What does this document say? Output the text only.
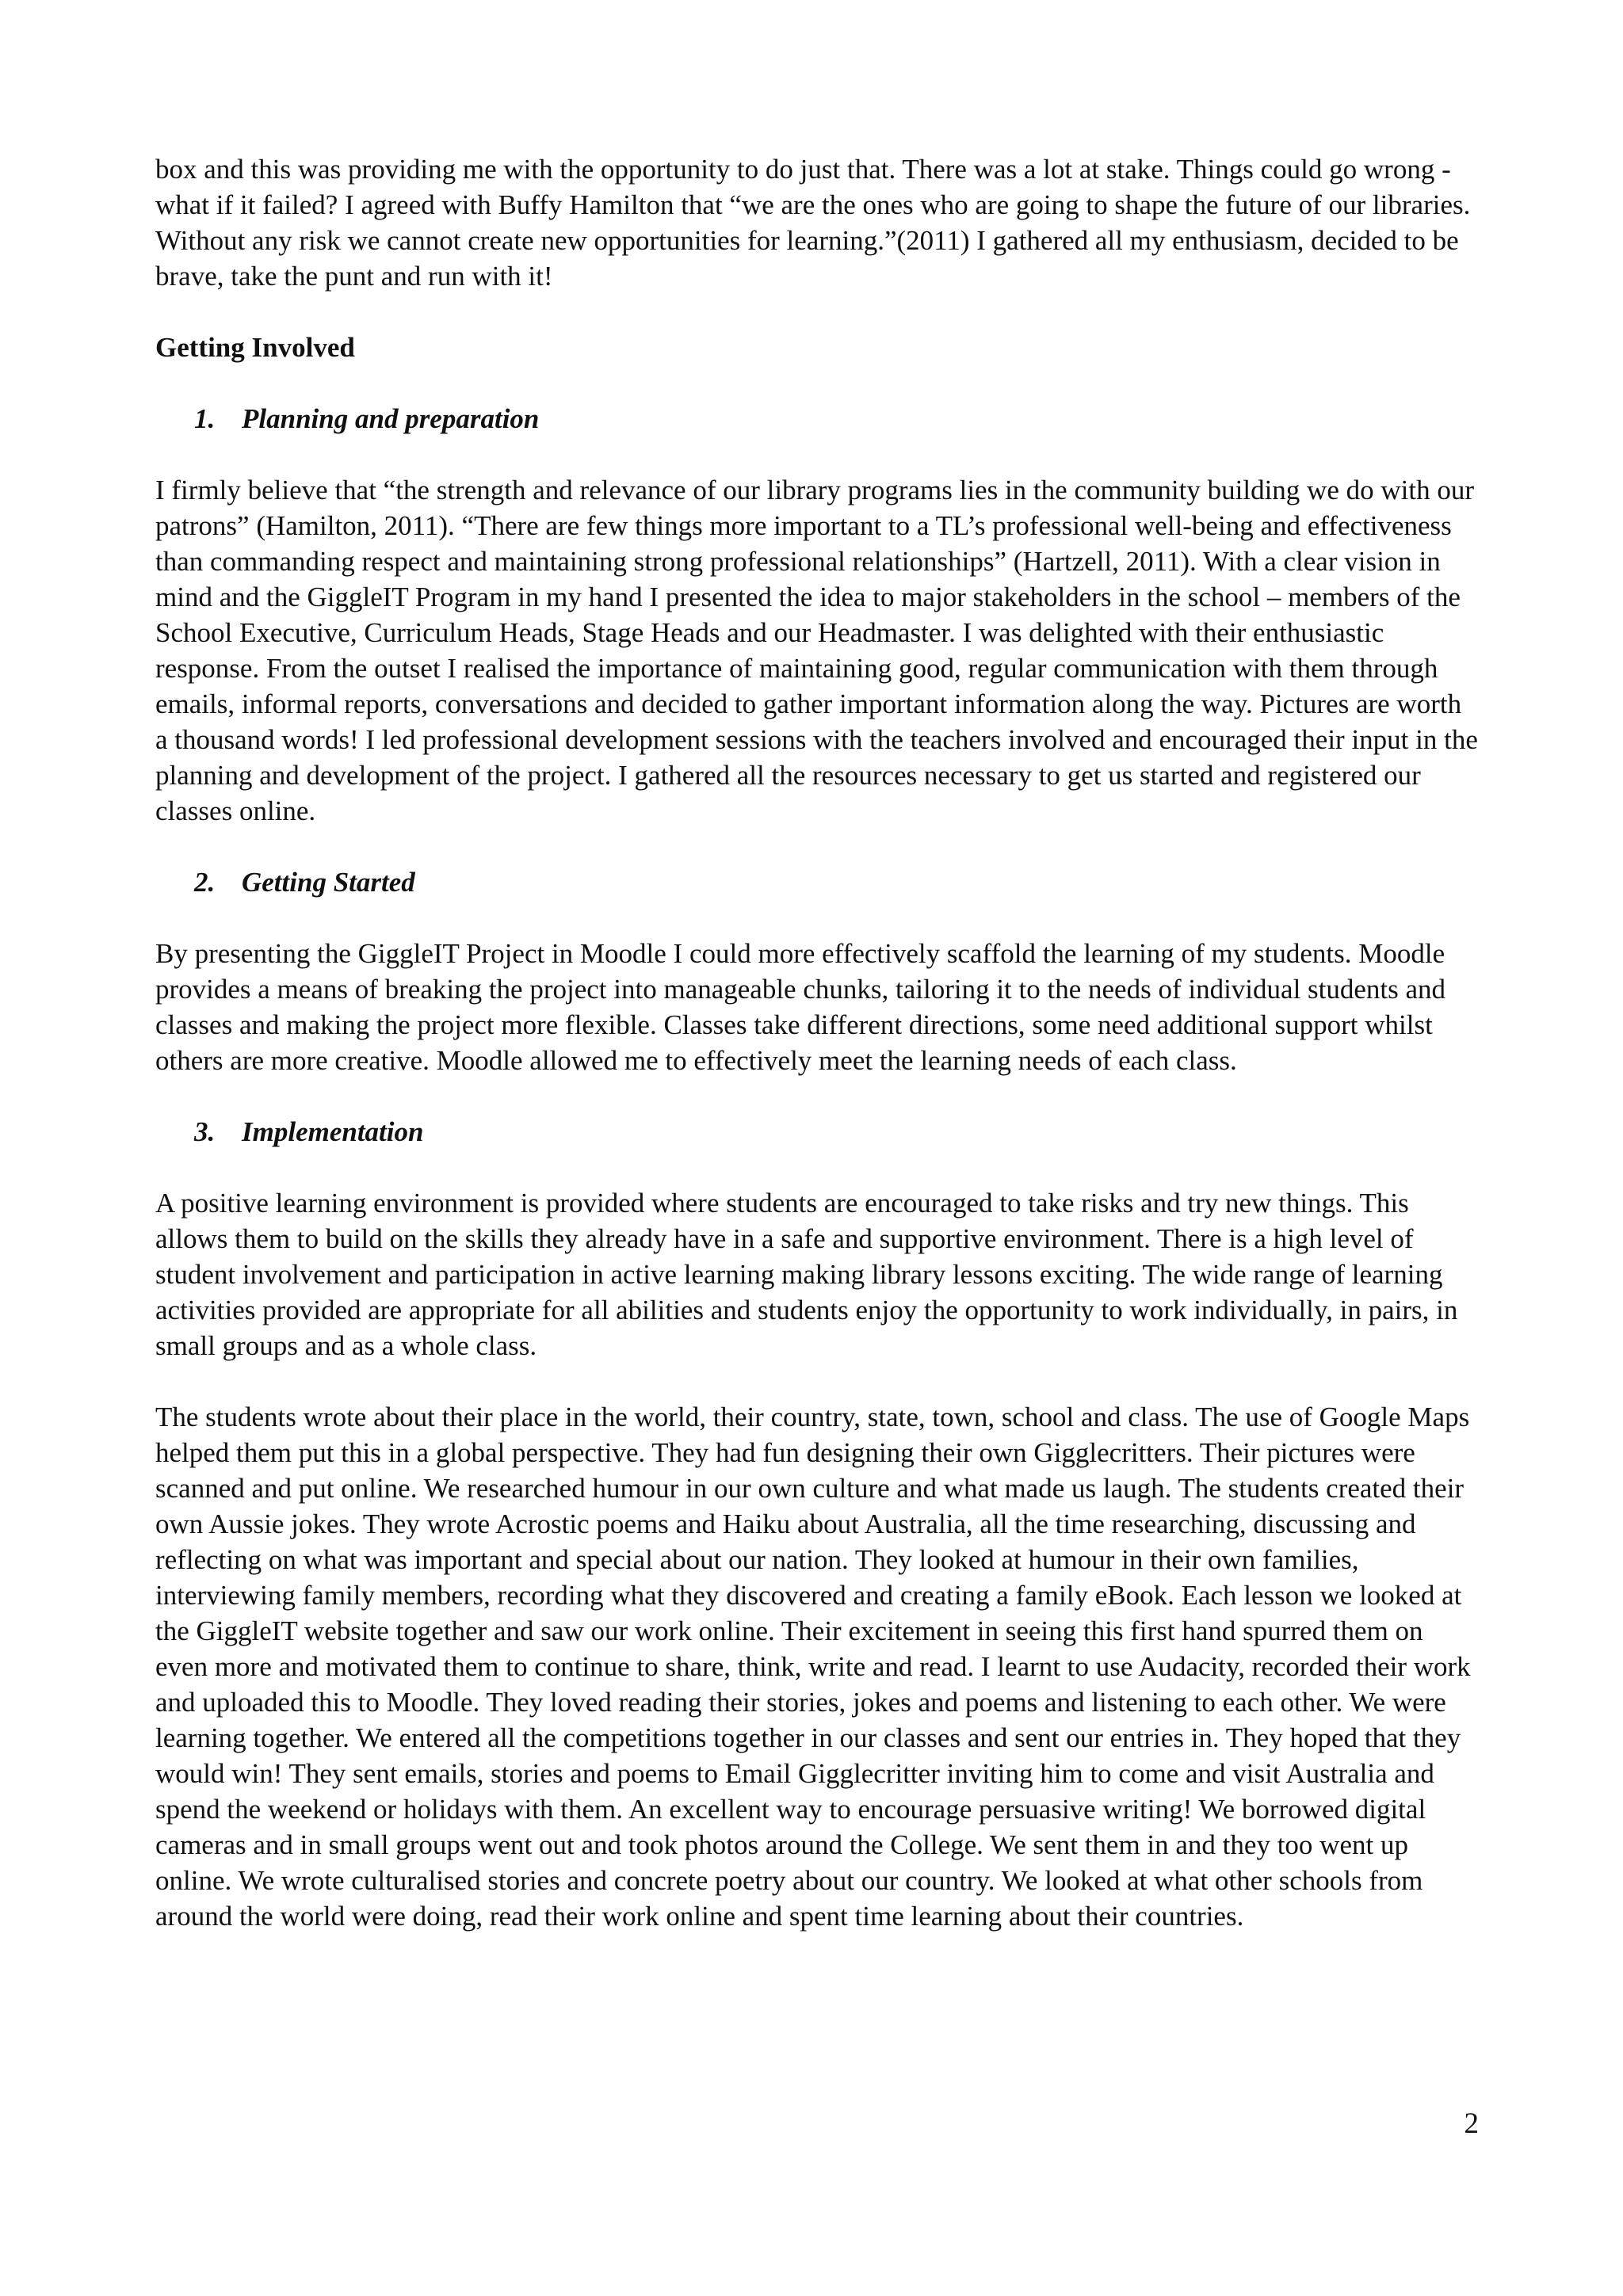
box and this was providing me with the opportunity to do just that. There was a lot at stake. Things could go wrong - what if it failed? I agreed with Buffy Hamilton that “we are the ones who are going to shape the future of our libraries. Without any risk we cannot create new opportunities for learning.”(2011) I gathered all my enthusiasm, decided to be brave, take the punt and run with it!

Getting Involved

1. Planning and preparation

I firmly believe that “the strength and relevance of our library programs lies in the community building we do with our patrons” (Hamilton, 2011). “There are few things more important to a TL’s professional well-being and effectiveness than commanding respect and maintaining strong professional relationships” (Hartzell, 2011). With a clear vision in mind and the GiggleIT Program in my hand I presented the idea to major stakeholders in the school – members of the School Executive, Curriculum Heads, Stage Heads and our Headmaster. I was delighted with their enthusiastic response. From the outset I realised the importance of maintaining good, regular communication with them through emails, informal reports, conversations and decided to gather important information along the way. Pictures are worth a thousand words! I led professional development sessions with the teachers involved and encouraged their input in the planning and development of the project. I gathered all the resources necessary to get us started and registered our classes online.

2. Getting Started

By presenting the GiggleIT Project in Moodle I could more effectively scaffold the learning of my students. Moodle provides a means of breaking the project into manageable chunks, tailoring it to the needs of individual students and classes and making the project more flexible. Classes take different directions, some need additional support whilst others are more creative. Moodle allowed me to effectively meet the learning needs of each class.

3. Implementation

A positive learning environment is provided where students are encouraged to take risks and try new things. This allows them to build on the skills they already have in a safe and supportive environment. There is a high level of student involvement and participation in active learning making library lessons exciting. The wide range of learning activities provided are appropriate for all abilities and students enjoy the opportunity to work individually, in pairs, in small groups and as a whole class.

The students wrote about their place in the world, their country, state, town, school and class. The use of Google Maps helped them put this in a global perspective. They had fun designing their own Gigglecritters. Their pictures were scanned and put online. We researched humour in our own culture and what made us laugh. The students created their own Aussie jokes. They wrote Acrostic poems and Haiku about Australia, all the time researching, discussing and reflecting on what was important and special about our nation. They looked at humour in their own families, interviewing family members, recording what they discovered and creating a family eBook. Each lesson we looked at the GiggleIT website together and saw our work online. Their excitement in seeing this first hand spurred them on even more and motivated them to continue to share, think, write and read. I learnt to use Audacity, recorded their work and uploaded this to Moodle. They loved reading their stories, jokes and poems and listening to each other. We were learning together. We entered all the competitions together in our classes and sent our entries in. They hoped that they would win! They sent emails, stories and poems to Email Gigglecritter inviting him to come and visit Australia and spend the weekend or holidays with them. An excellent way to encourage persuasive writing! We borrowed digital cameras and in small groups went out and took photos around the College. We sent them in and they too went up online. We wrote culturalised stories and concrete poetry about our country. We looked at what other schools from around the world were doing, read their work online and spent time learning about their countries.

2
